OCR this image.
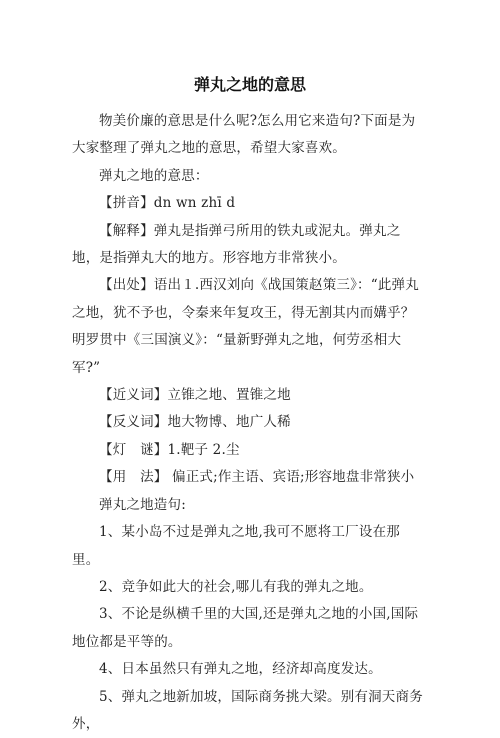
弹丸之地的意思

物美价廉的意思是什么呢?怎么用它来造句?下面是为大家整理了弹丸之地的意思，希望大家喜欢。

弹丸之地的意思：

【拼音】dn wn zhī d

【解释】弹丸是指弹弓所用的铁丸或泥丸。弹丸之地，是指弹丸大的地方。形容地方非常狭小。

【出处】语出１.西汉刘向《战国策赵策三》：“此弹丸之地，犹不予也，令秦来年复攻王，得无割其内而媾乎？明罗贯中《三国演义》：“量新野弹丸之地，何劳丞相大军?”

【近义词】立锥之地、置锥之地

【反义词】地大物博、地广人稀

【灯　谜】1.靶子 2.尘

【用　法】 偏正式;作主语、宾语;形容地盘非常狭小

弹丸之地造句:

1、某小岛不过是弹丸之地,我可不愿将工厂设在那里。

2、竞争如此大的社会,哪儿有我的弹丸之地。

3、不论是纵横千里的大国,还是弹丸之地的小国,国际地位都是平等的。

4、日本虽然只有弹丸之地，经济却高度发达。

5、弹丸之地新加坡，国际商务挑大梁。别有洞天商务外，
